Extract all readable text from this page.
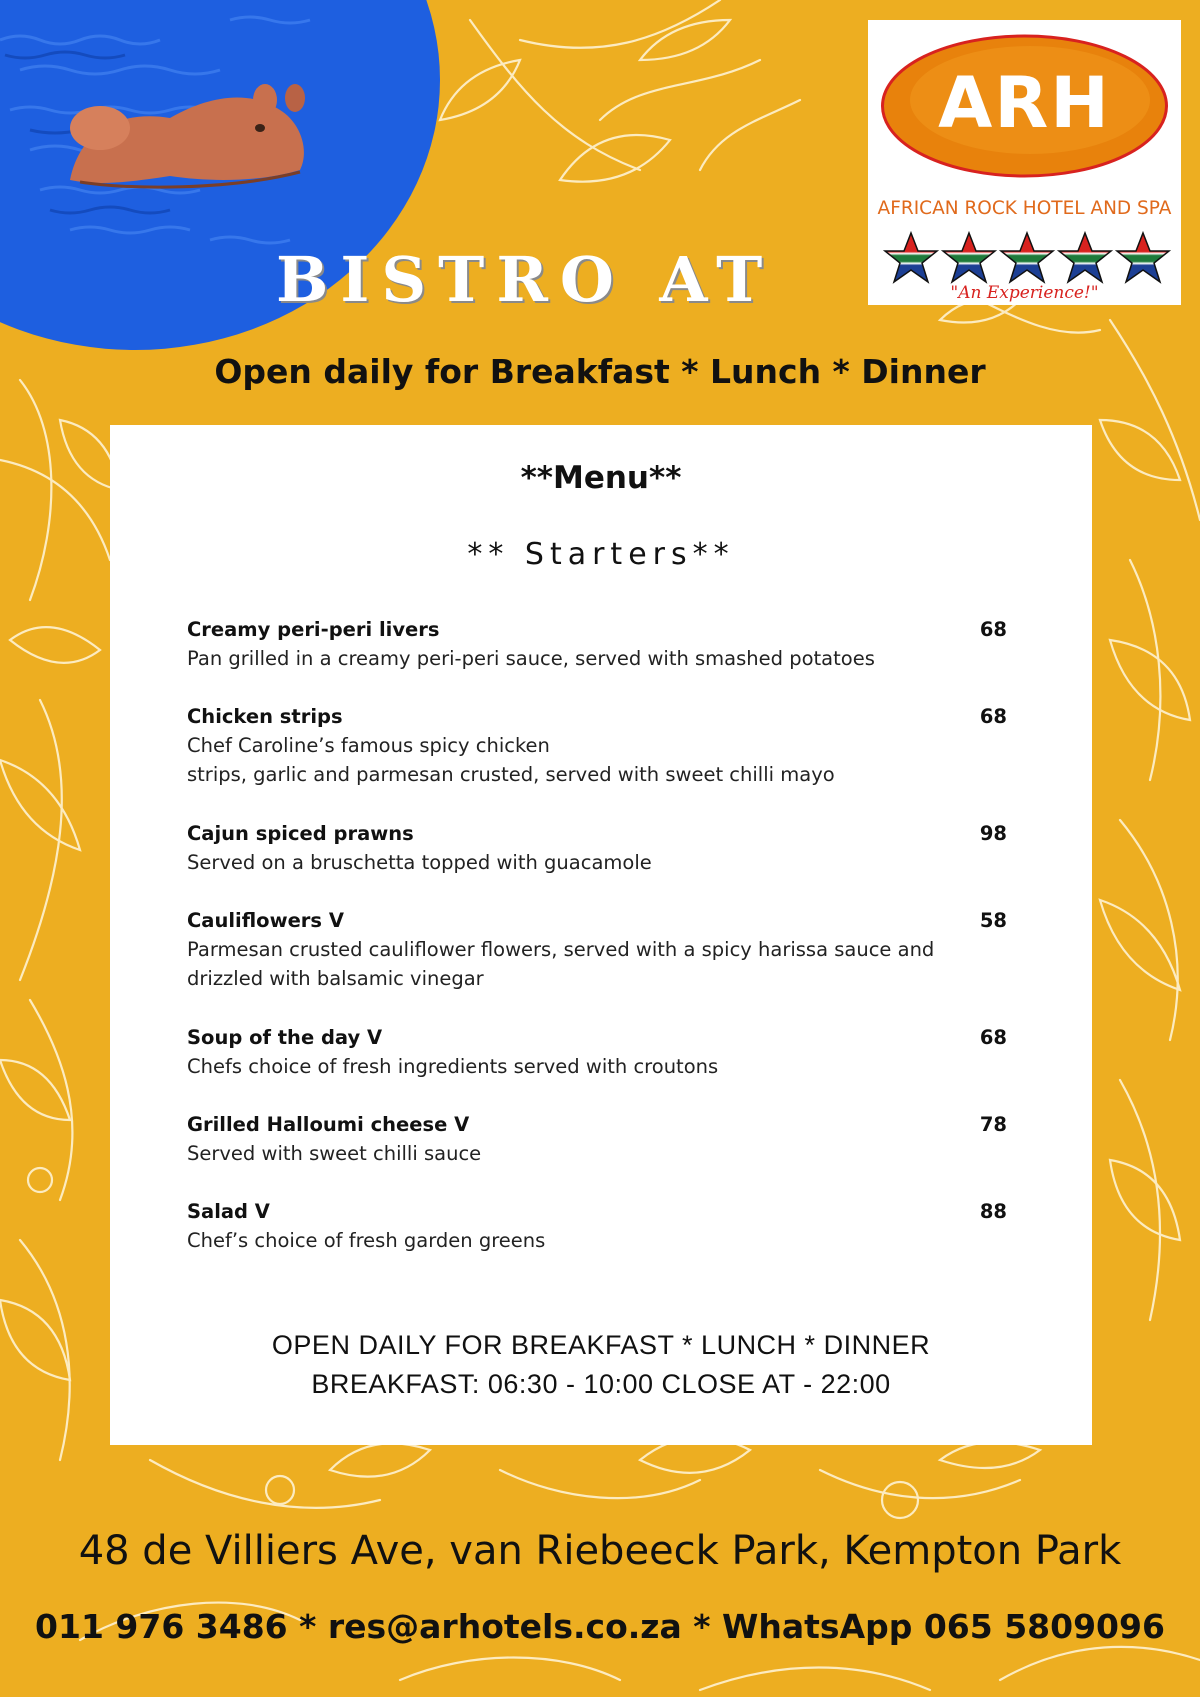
ARH
AFRICAN ROCK HOTEL AND SPA
"An Experience!"
BISTRO AT
Open daily for Breakfast * Lunch * Dinner
**Menu**
** Starters**
Creamy peri-peri livers	68
Pan grilled in a creamy peri-peri sauce, served with smashed potatoes
Chicken strips	68
Chef Caroline’s famous spicy chicken
strips, garlic and parmesan crusted, served with sweet chilli mayo
Cajun spiced prawns	98
Served on a bruschetta topped with guacamole
Cauliflowers V	58
Parmesan crusted cauliflower flowers, served with a spicy harissa sauce and
drizzled with balsamic vinegar
Soup of the day V	68
Chefs choice of fresh ingredients served with croutons
Grilled Halloumi cheese V	78
Served with sweet chilli sauce
Salad V	88
Chef’s choice of fresh garden greens
OPEN DAILY FOR BREAKFAST * LUNCH * DINNER
BREAKFAST: 06:30 - 10:00 CLOSE AT - 22:00
48 de Villiers Ave, van Riebeeck Park, Kempton Park
011 976 3486 * res@arhotels.co.za * WhatsApp 065 5809096
